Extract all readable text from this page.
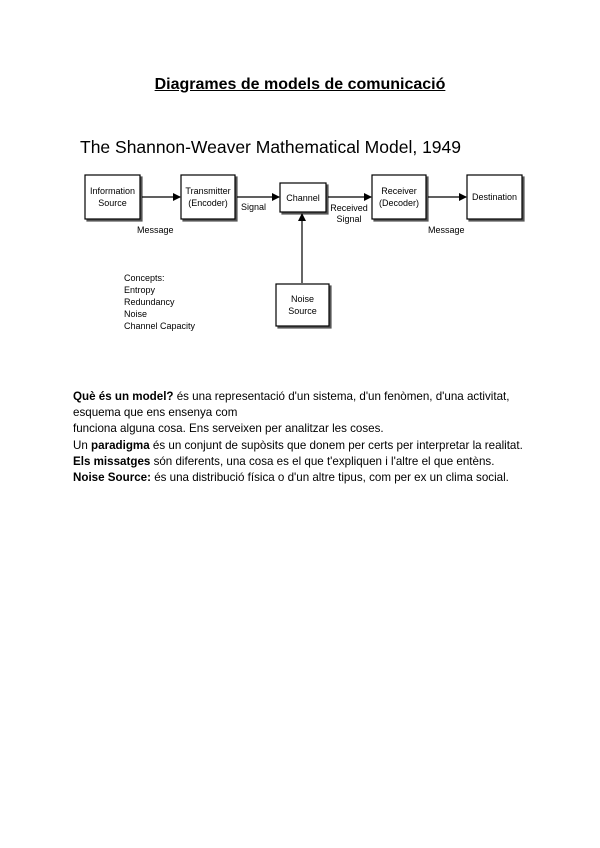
Diagrames de models de comunicació
The Shannon-Weaver Mathematical Model, 1949
Information
Source
Transmitter
(Encoder)	Channel
Receiver
(Decoder)
Destination
Noise
Source
Message
Signal	Received
Signal
Message
Concepts:
Entropy
Redundancy
Noise
Channel Capacity

Què és un model? és una representació d'un sistema, d'un fenòmen, d'una activitat, esquema que ens ensenya com

funciona alguna cosa. Ens serveixen per analitzar les coses.

Un paradigma és un conjunt de supòsits que donem per certs per interpretar la realitat.

Els missatges són diferents, una cosa es el que t'expliquen i l'altre el que entèns.

Noise Source: és una distribució física o d'un altre tipus, com per ex un clima social.
